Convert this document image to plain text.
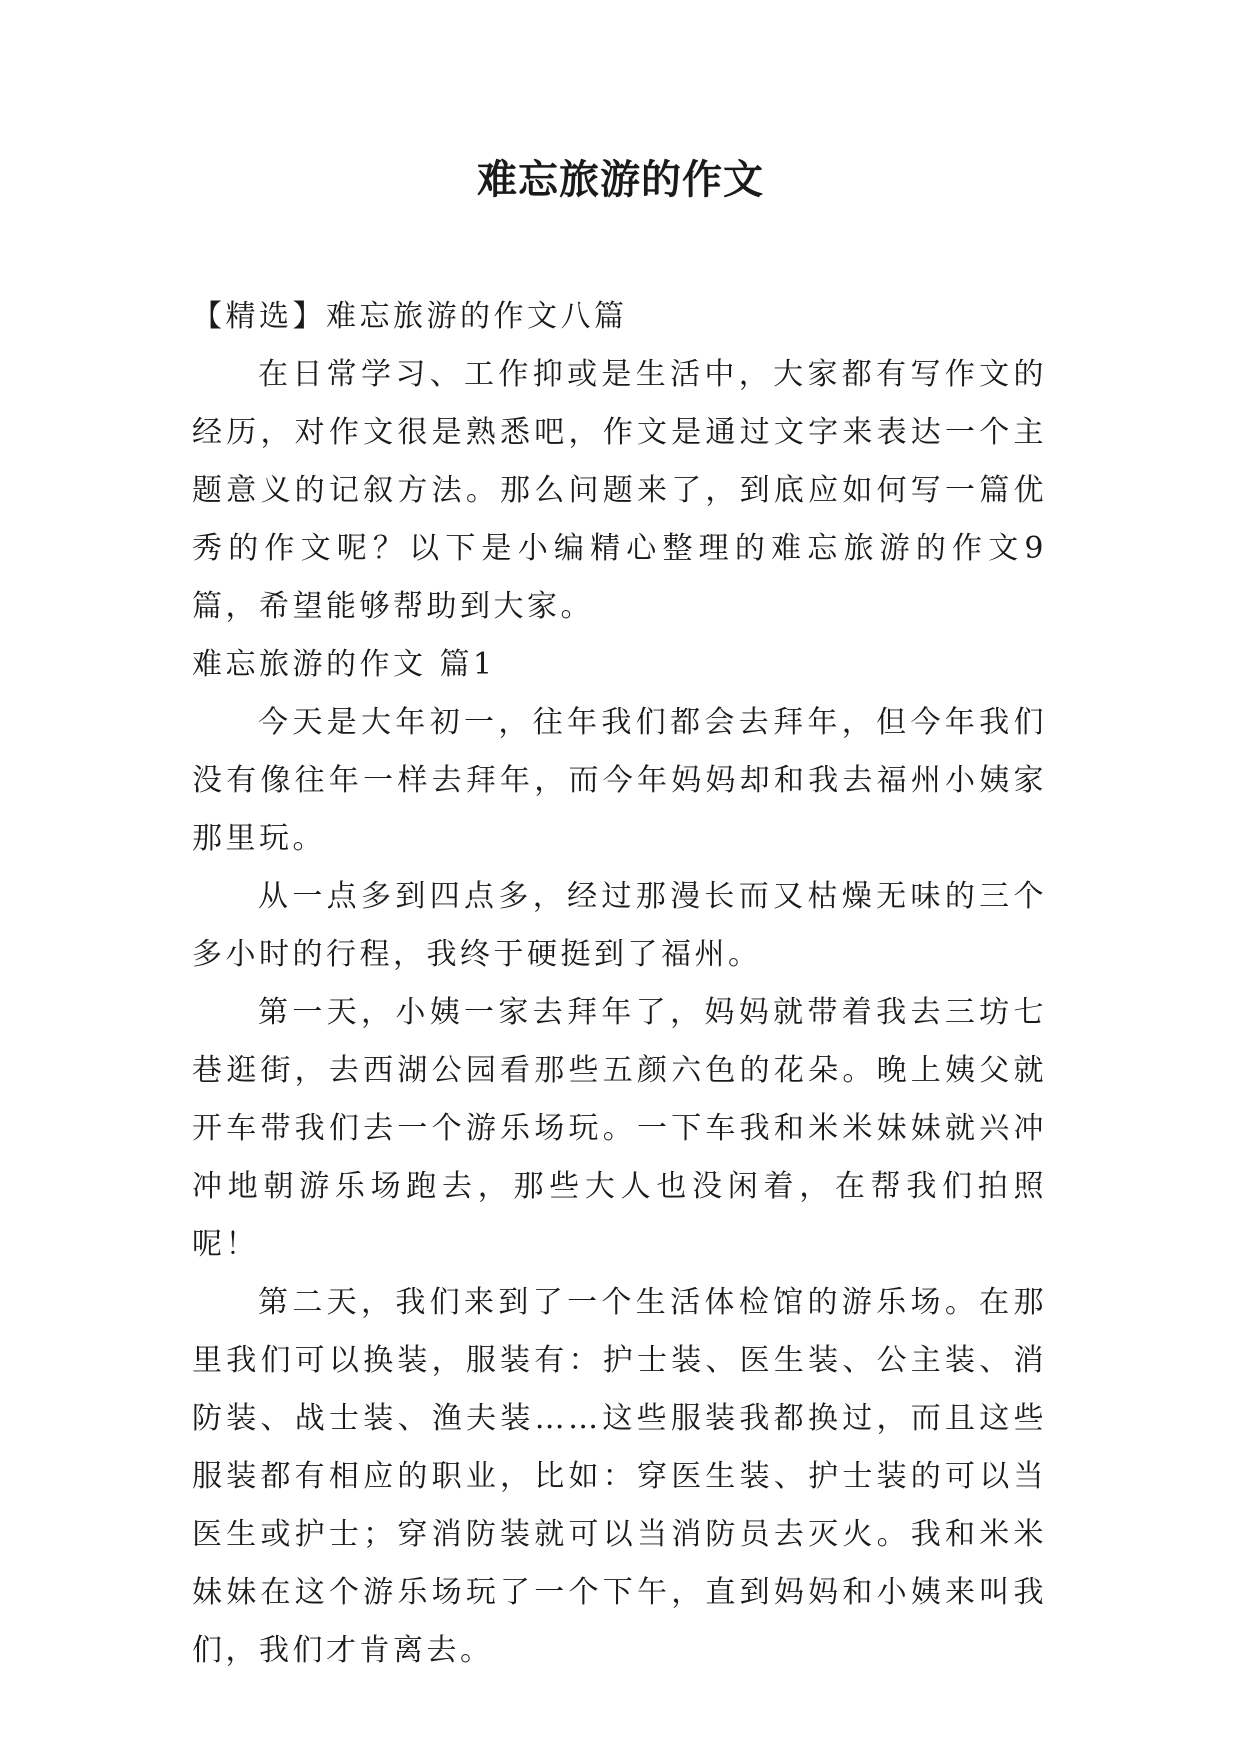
难忘旅游的作文

【精选】难忘旅游的作文八篇

在日常学习、工作抑或是生活中，大家都有写作文的经历，对作文很是熟悉吧，作文是通过文字来表达一个主题意义的记叙方法。那么问题来了，到底应如何写一篇优秀的作文呢？以下是小编精心整理的难忘旅游的作文9篇，希望能够帮助到大家。

难忘旅游的作文 篇1

今天是大年初一，往年我们都会去拜年，但今年我们没有像往年一样去拜年，而今年妈妈却和我去福州小姨家那里玩。

从一点多到四点多，经过那漫长而又枯燥无味的三个多小时的行程，我终于硬挺到了福州。

第一天，小姨一家去拜年了，妈妈就带着我去三坊七巷逛街，去西湖公园看那些五颜六色的花朵。晚上姨父就开车带我们去一个游乐场玩。一下车我和米米妹妹就兴冲冲地朝游乐场跑去，那些大人也没闲着，在帮我们拍照呢！

第二天，我们来到了一个生活体检馆的游乐场。在那里我们可以换装，服装有：护士装、医生装、公主装、消防装、战士装、渔夫装……这些服装我都换过，而且这些服装都有相应的职业，比如：穿医生装、护士装的可以当医生或护士；穿消防装就可以当消防员去灭火。我和米米妹妹在这个游乐场玩了一个下午，直到妈妈和小姨来叫我们，我们才肯离去。
